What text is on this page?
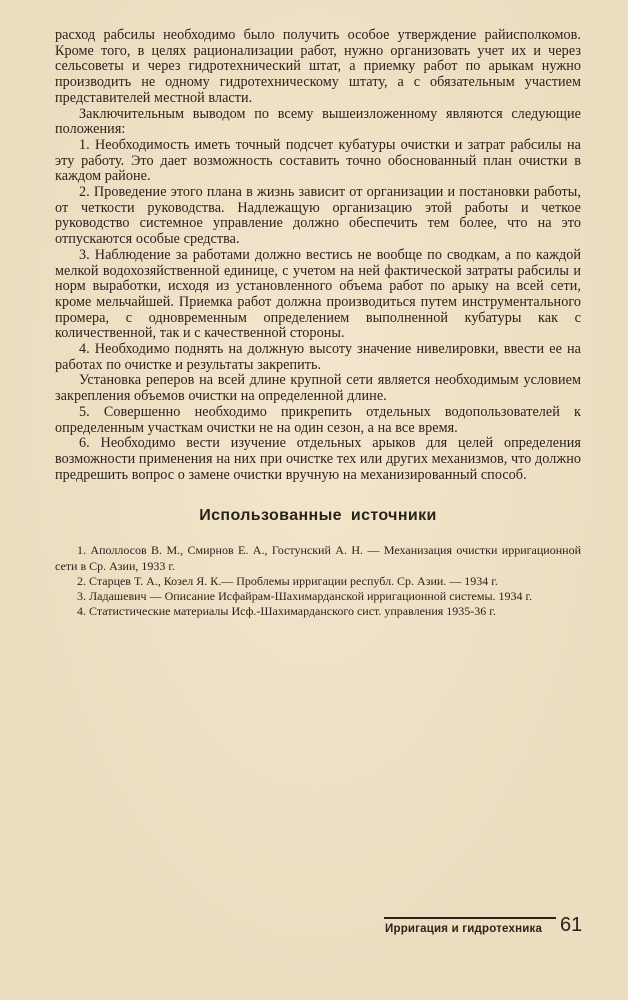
расход рабсилы необходимо было получить особое утверждение райисполкомов. Кроме того, в целях рационализации работ, нужно организовать учет их и через сельсоветы и через гидротехнический штат, а приемку работ по арыкам нужно производить не одному гидротехническому штату, а с обязательным участием представителей местной власти.

Заключительным выводом по всему вышеизложенному являются следующие положения:

1. Необходимость иметь точный подсчет кубатуры очистки и затрат рабсилы на эту работу. Это дает возможность составить точно обоснованный план очистки в каждом районе.

2. Проведение этого плана в жизнь зависит от организации и постановки работы, от четкости руководства. Надлежащую организацию этой работы и четкое руководство системное управление должно обеспечить тем более, что на это отпускаются особые средства.

3. Наблюдение за работами должно вестись не вообще по сводкам, а по каждой мелкой водохозяйственной единице, с учетом на ней фактической затраты рабсилы и норм выработки, исходя из установленного объема работ по арыку на всей сети, кроме мельчайшей. Приемка работ должна производиться путем инструментального промера, с одновременным определением выполненной кубатуры как с количественной, так и с качественной стороны.

4. Необходимо поднять на должную высоту значение нивелировки, ввести ее на работах по очистке и результаты закрепить.

Установка реперов на всей длине крупной сети является необходимым условием закрепления объемов очистки на определенной длине.

5. Совершенно необходимо прикрепить отдельных водопользователей к определенным участкам очистки не на один сезон, а на все время.

6. Необходимо вести изучение отдельных арыков для целей определения возможности применения на них при очистке тех или других механизмов, что должно предрешить вопрос о замене очистки вручную на механизированный способ.

Использованные источники

1. Аполлосов В. М., Смирнов Е. А., Гостунский А. Н. — Механизация очистки ирригационной сети в Ср. Азии, 1933 г.

2. Старцев Т. А., Козел Я. К.— Проблемы ирригации республ. Ср. Азии. — 1934 г.

3. Ладашевич — Описание Исфайрам-Шахимарданской ирригационной системы. 1934 г.

4. Статистические материалы Исф.-Шахимарданского сист. управления 1935-36 г.

Ирригация и гидротехника 61
